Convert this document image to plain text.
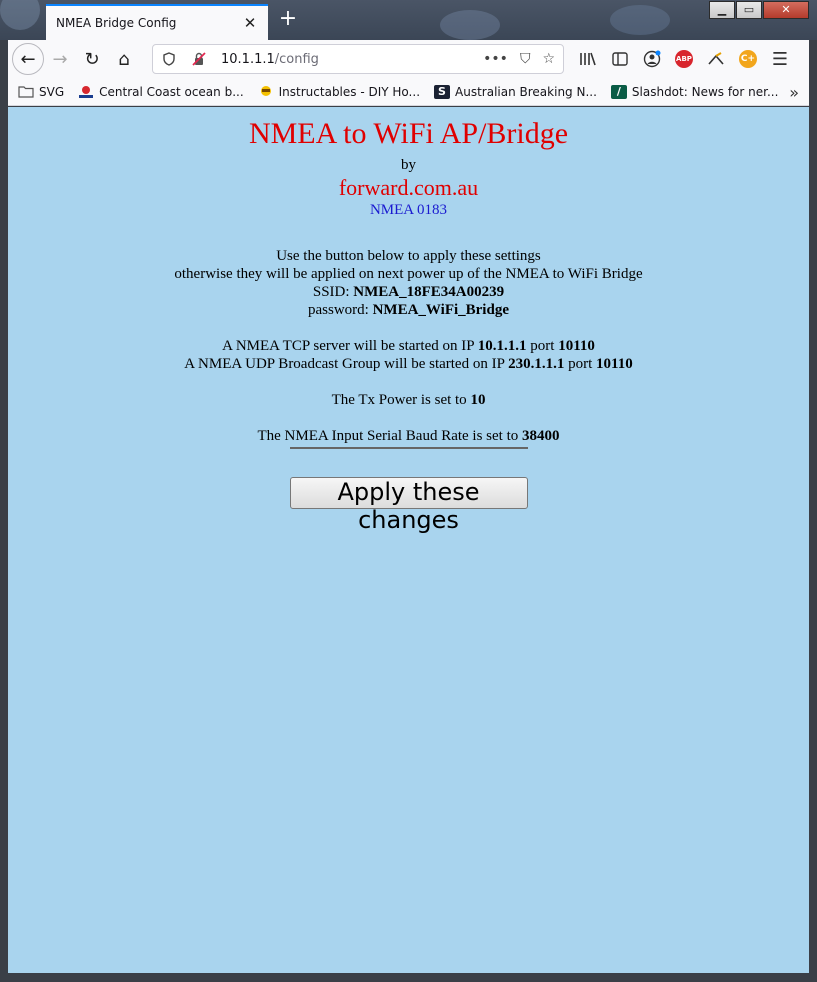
NMEA Bridge Config	✕ +	▁	▭	✕
← → ↻ ⌂	10.1.1.1 /config	••• ⛉ ☆	ABP	C+ ☰
SVG	Central Coast ocean b...	Instructables - DIY Ho...	S Australian Breaking N...	/ Slashdot: News for ner... »
NMEA to WiFi AP/Bridge
by
forward.com.au
NMEA 0183
Use the button below to apply these settings
otherwise they will be applied on next power up of the NMEA to WiFi Bridge
SSID: NMEA_18FE34A00239
password: NMEA_WiFi_Bridge
A NMEA TCP server will be started on IP 10.1.1.1 port 10110
A NMEA UDP Broadcast Group will be started on IP 230.1.1.1 port 10110
The Tx Power is set to 10
The NMEA Input Serial Baud Rate is set to 38400
Apply these changes
